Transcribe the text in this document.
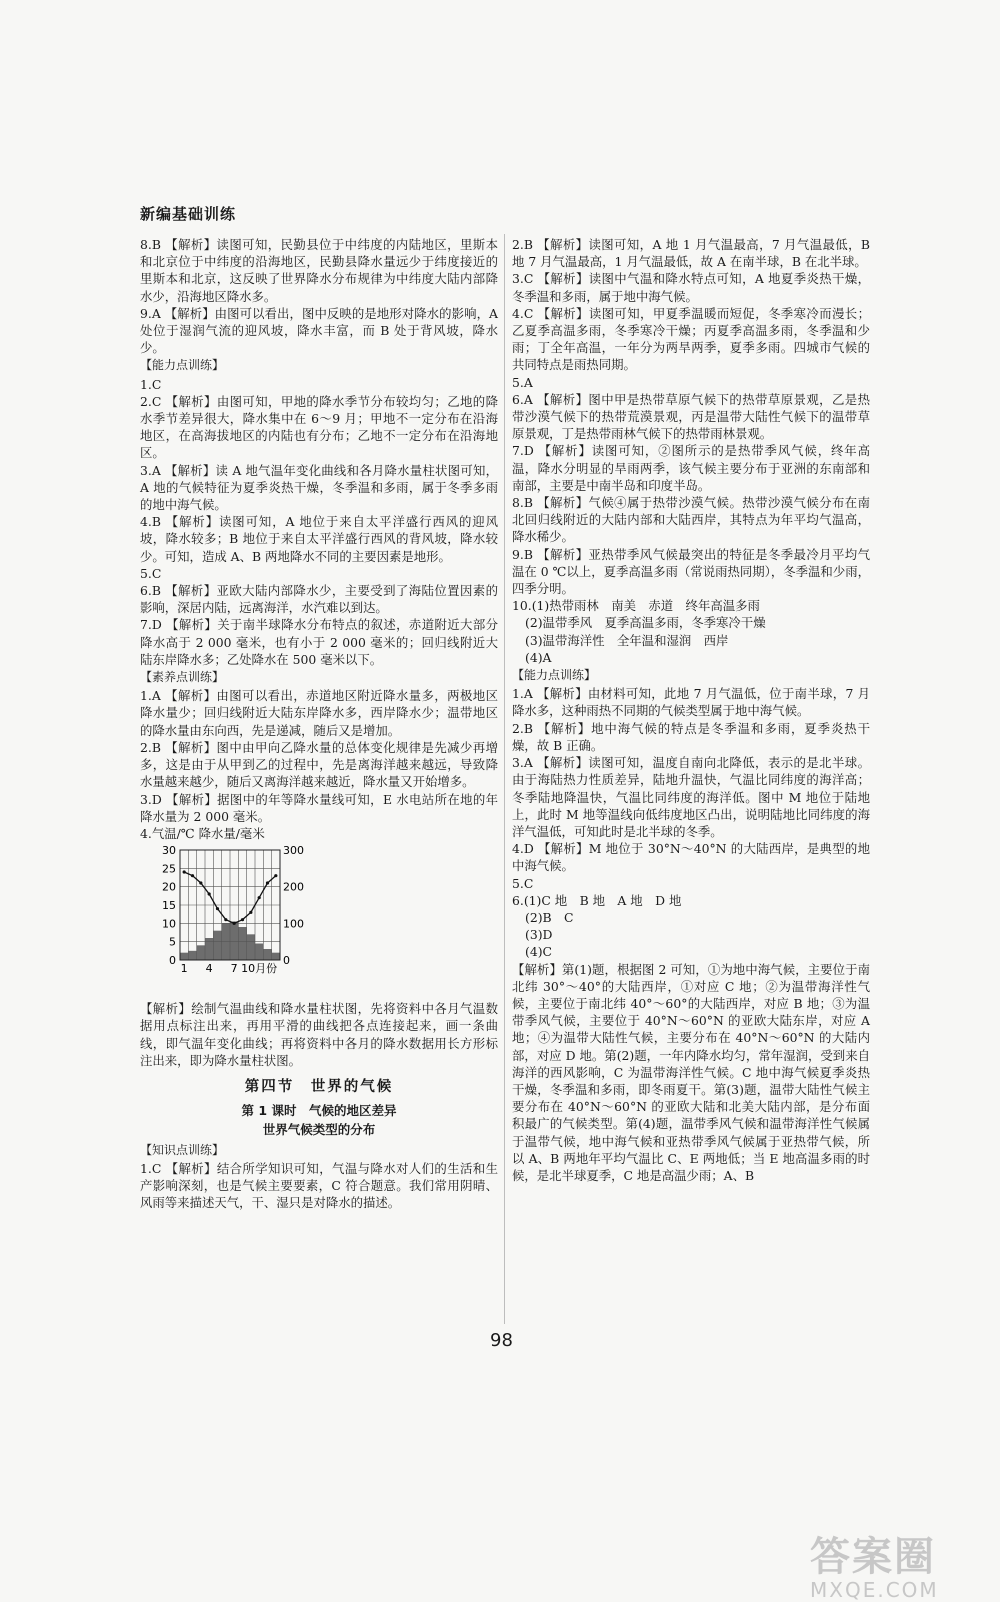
新编基础训练

8.B 【解析】读图可知，民勤县位于中纬度的内陆地区，里斯本和北京位于中纬度的沿海地区，民勤县降水量远少于纬度接近的里斯本和北京，这反映了世界降水分布规律为中纬度大陆内部降水少，沿海地区降水多。

9.A 【解析】由图可以看出，图中反映的是地形对降水的影响，A 处位于湿润气流的迎风坡，降水丰富，而 B 处于背风坡，降水少。

【能力点训练】

1.C

2.C 【解析】由图可知，甲地的降水季节分布较均匀；乙地的降水季节差异很大，降水集中在 6～9 月；甲地不一定分布在沿海地区，在高海拔地区的内陆也有分布；乙地不一定分布在沿海地区。

3.A 【解析】读 A 地气温年变化曲线和各月降水量柱状图可知，A 地的气候特征为夏季炎热干燥，冬季温和多雨，属于冬季多雨的地中海气候。

4.B 【解析】读图可知，A 地位于来自太平洋盛行西风的迎风坡，降水较多；B 地位于来自太平洋盛行西风的背风坡，降水较少。可知，造成 A、B 两地降水不同的主要因素是地形。

5.C

6.B 【解析】亚欧大陆内部降水少，主要受到了海陆位置因素的影响，深居内陆，远离海洋，水汽难以到达。

7.D 【解析】关于南半球降水分布特点的叙述，赤道附近大部分降水高于 2 000 毫米，也有小于 2 000 毫米的；回归线附近大陆东岸降水多；乙处降水在 500 毫米以下。

【素养点训练】

1.A 【解析】由图可以看出，赤道地区附近降水量多，两极地区降水量少；回归线附近大陆东岸降水多，西岸降水少；温带地区的降水量由东向西，先是递减，随后又是增加。

2.B 【解析】图中由甲向乙降水量的总体变化规律是先减少再增多，这是由于从甲到乙的过程中，先是离海洋越来越远，导致降水量越来越少，随后又离海洋越来越近，降水量又开始增多。

3.D 【解析】据图中的年等降水量线可知，E 水电站所在地的年降水量为 2 000 毫米。

4.气温/℃ 降水量/毫米

30
25
20
15
10
5
0
300
200
100
0
1 4 7 10月份

【解析】绘制气温曲线和降水量柱状图，先将资料中各月气温数据用点标注出来，再用平滑的曲线把各点连接起来，画一条曲线，即气温年变化曲线；再将资料中各月的降水数据用长方形标注出来，即为降水量柱状图。

第四节　世界的气候
第 1 课时　气候的地区差异
世界气候类型的分布
【知识点训练】

1.C 【解析】结合所学知识可知，气温与降水对人们的生活和生产影响深刻，也是气候主要要素，C 符合题意。我们常用阴晴、风雨等来描述天气，干、湿只是对降水的描述。

2.B 【解析】读图可知，A 地 1 月气温最高，7 月气温最低，B 地 7 月气温最高，1 月气温最低，故 A 在南半球，B 在北半球。

3.C 【解析】读图中气温和降水特点可知，A 地夏季炎热干燥，冬季温和多雨，属于地中海气候。

4.C 【解析】读图可知，甲夏季温暖而短促，冬季寒冷而漫长；乙夏季高温多雨，冬季寒冷干燥；丙夏季高温多雨，冬季温和少雨；丁全年高温，一年分为两旱两季，夏季多雨。四城市气候的共同特点是雨热同期。

5.A

6.A 【解析】图中甲是热带草原气候下的热带草原景观，乙是热带沙漠气候下的热带荒漠景观，丙是温带大陆性气候下的温带草原景观，丁是热带雨林气候下的热带雨林景观。

7.D 【解析】读图可知，②图所示的是热带季风气候，终年高温，降水分明显的旱雨两季，该气候主要分布于亚洲的东南部和南部，主要是中南半岛和印度半岛。

8.B 【解析】气候④属于热带沙漠气候。热带沙漠气候分布在南北回归线附近的大陆内部和大陆西岸，其特点为年平均气温高，降水稀少。

9.B 【解析】亚热带季风气候最突出的特征是冬季最冷月平均气温在 0 ℃以上，夏季高温多雨（常说雨热同期），冬季温和少雨，四季分明。

10.(1)热带雨林　南美　赤道　终年高温多雨

(2)温带季风　夏季高温多雨，冬季寒冷干燥

(3)温带海洋性　全年温和湿润　西岸

(4)A

【能力点训练】

1.A 【解析】由材料可知，此地 7 月气温低，位于南半球，7 月降水多，这种雨热不同期的气候类型属于地中海气候。

2.B 【解析】地中海气候的特点是冬季温和多雨，夏季炎热干燥，故 B 正确。

3.A 【解析】读图可知，温度自南向北降低，表示的是北半球。由于海陆热力性质差异，陆地升温快，气温比同纬度的海洋高；冬季陆地降温快，气温比同纬度的海洋低。图中 M 地位于陆地上，此时 M 地等温线向低纬度地区凸出，说明陆地比同纬度的海洋气温低，可知此时是北半球的冬季。

4.D 【解析】M 地位于 30°N～40°N 的大陆西岸，是典型的地中海气候。

5.C

6.(1)C 地　B 地　A 地　D 地

(2)B　C

(3)D

(4)C

【解析】第(1)题，根据图 2 可知，①为地中海气候，主要位于南北纬 30°～40°的大陆西岸，①对应 C 地；②为温带海洋性气候，主要位于南北纬 40°～60°的大陆西岸，对应 B 地；③为温带季风气候，主要位于 40°N～60°N 的亚欧大陆东岸，对应 A 地；④为温带大陆性气候，主要分布在 40°N～60°N 的大陆内部，对应 D 地。第(2)题，一年内降水均匀，常年湿润，受到来自海洋的西风影响，C 为温带海洋性气候。C 地中海气候夏季炎热干燥，冬季温和多雨，即冬雨夏干。第(3)题，温带大陆性气候主要分布在 40°N～60°N 的亚欧大陆和北美大陆内部，是分布面积最广的气候类型。第(4)题，温带季风气候和温带海洋性气候属于温带气候，地中海气候和亚热带季风气候属于亚热带气候，所以 A、B 两地年平均气温比 C、E 两地低；当 E 地高温多雨的时候，是北半球夏季，C 地是高温少雨；A、B

98
答案圈
MXQE.COM
